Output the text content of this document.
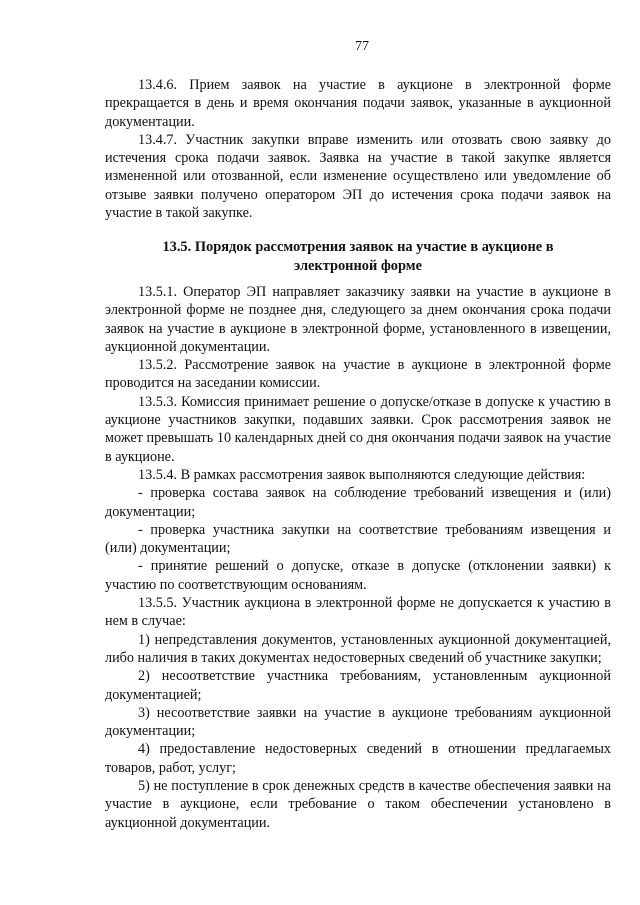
77

13.4.6. Прием заявок на участие в аукционе в электронной форме прекращается в день и время окончания подачи заявок, указанные в аукционной документации.

13.4.7. Участник закупки вправе изменить или отозвать свою заявку до истечения срока подачи заявок. Заявка на участие в такой закупке является измененной или отозванной, если изменение осуществлено или уведомление об отзыве заявки получено оператором ЭП до истечения срока подачи заявок на участие в такой закупке.

13.5. Порядок рассмотрения заявок на участие в аукционе в электронной форме

13.5.1. Оператор ЭП направляет заказчику заявки на участие в аукционе в электронной форме не позднее дня, следующего за днем окончания срока подачи заявок на участие в аукционе в электронной форме, установленного в извещении, аукционной документации.

13.5.2. Рассмотрение заявок на участие в аукционе в электронной форме проводится на заседании комиссии.

13.5.3. Комиссия принимает решение о допуске/отказе в допуске к участию в аукционе участников закупки, подавших заявки. Срок рассмотрения заявок не может превышать 10 календарных дней со дня окончания подачи заявок на участие в аукционе.

13.5.4. В рамках рассмотрения заявок выполняются следующие действия:

- проверка состава заявок на соблюдение требований извещения и (или) документации;

- проверка участника закупки на соответствие требованиям извещения и (или) документации;

- принятие решений о допуске, отказе в допуске (отклонении заявки) к участию по соответствующим основаниям.

13.5.5. Участник аукциона в электронной форме не допускается к участию в нем в случае:

1) непредставления документов, установленных аукционной документацией, либо наличия в таких документах недостоверных сведений об участнике закупки;

2) несоответствие участника требованиям, установленным аукционной документацией;

3) несоответствие заявки на участие в аукционе требованиям аукционной документации;

4) предоставление недостоверных сведений в отношении предлагаемых товаров, работ, услуг;

5) не поступление в срок денежных средств в качестве обеспечения заявки на участие в аукционе, если требование о таком обеспечении установлено в аукционной документации.
